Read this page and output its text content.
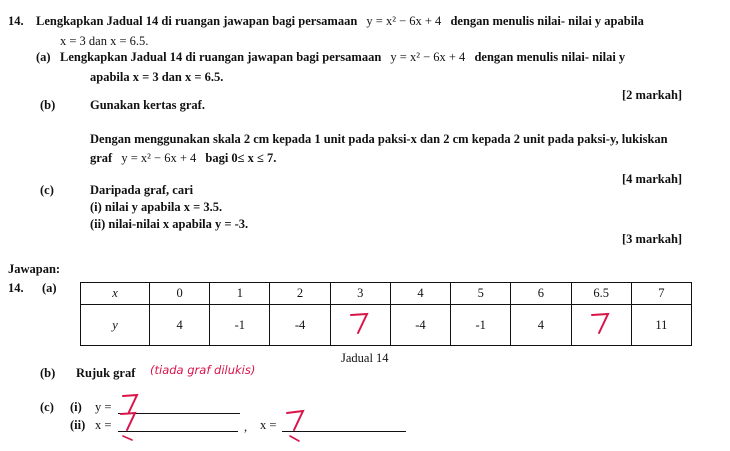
14. Lengkapkan Jadual 14 di ruangan jawapan bagi persamaan y = x² − 6x + 4 dengan menulis nilai- nilai y apabila
x = 3 dan x = 6.5.
(a) Lengkapkan Jadual 14 di ruangan jawapan bagi persamaan y = x² − 6x + 4 dengan menulis nilai- nilai y
apabila x = 3 dan x = 6.5.
[2 markah]
(b)	Gunakan kertas graf.
Dengan menggunakan skala 2 cm kepada 1 unit pada paksi-x dan 2 cm kepada 2 unit pada paksi-y, lukiskan
graf y = x² − 6x + 4 bagi 0≤ x ≤ 7.
[4 markah]
(c)	Daripada graf, cari
(i) nilai y apabila x = 3.5.
(ii) nilai-nilai x apabila y = -3.
[3 markah]
Jawapan:
14. (a)	x	0	1	2	3	4	5	6	6.5	7
y	4	-1	-4		-4	-1	4		11
Jadual 14
(b) Rujuk graf (tiada graf dilukis)
(c) (i) y =
(ii) x =	, x =
